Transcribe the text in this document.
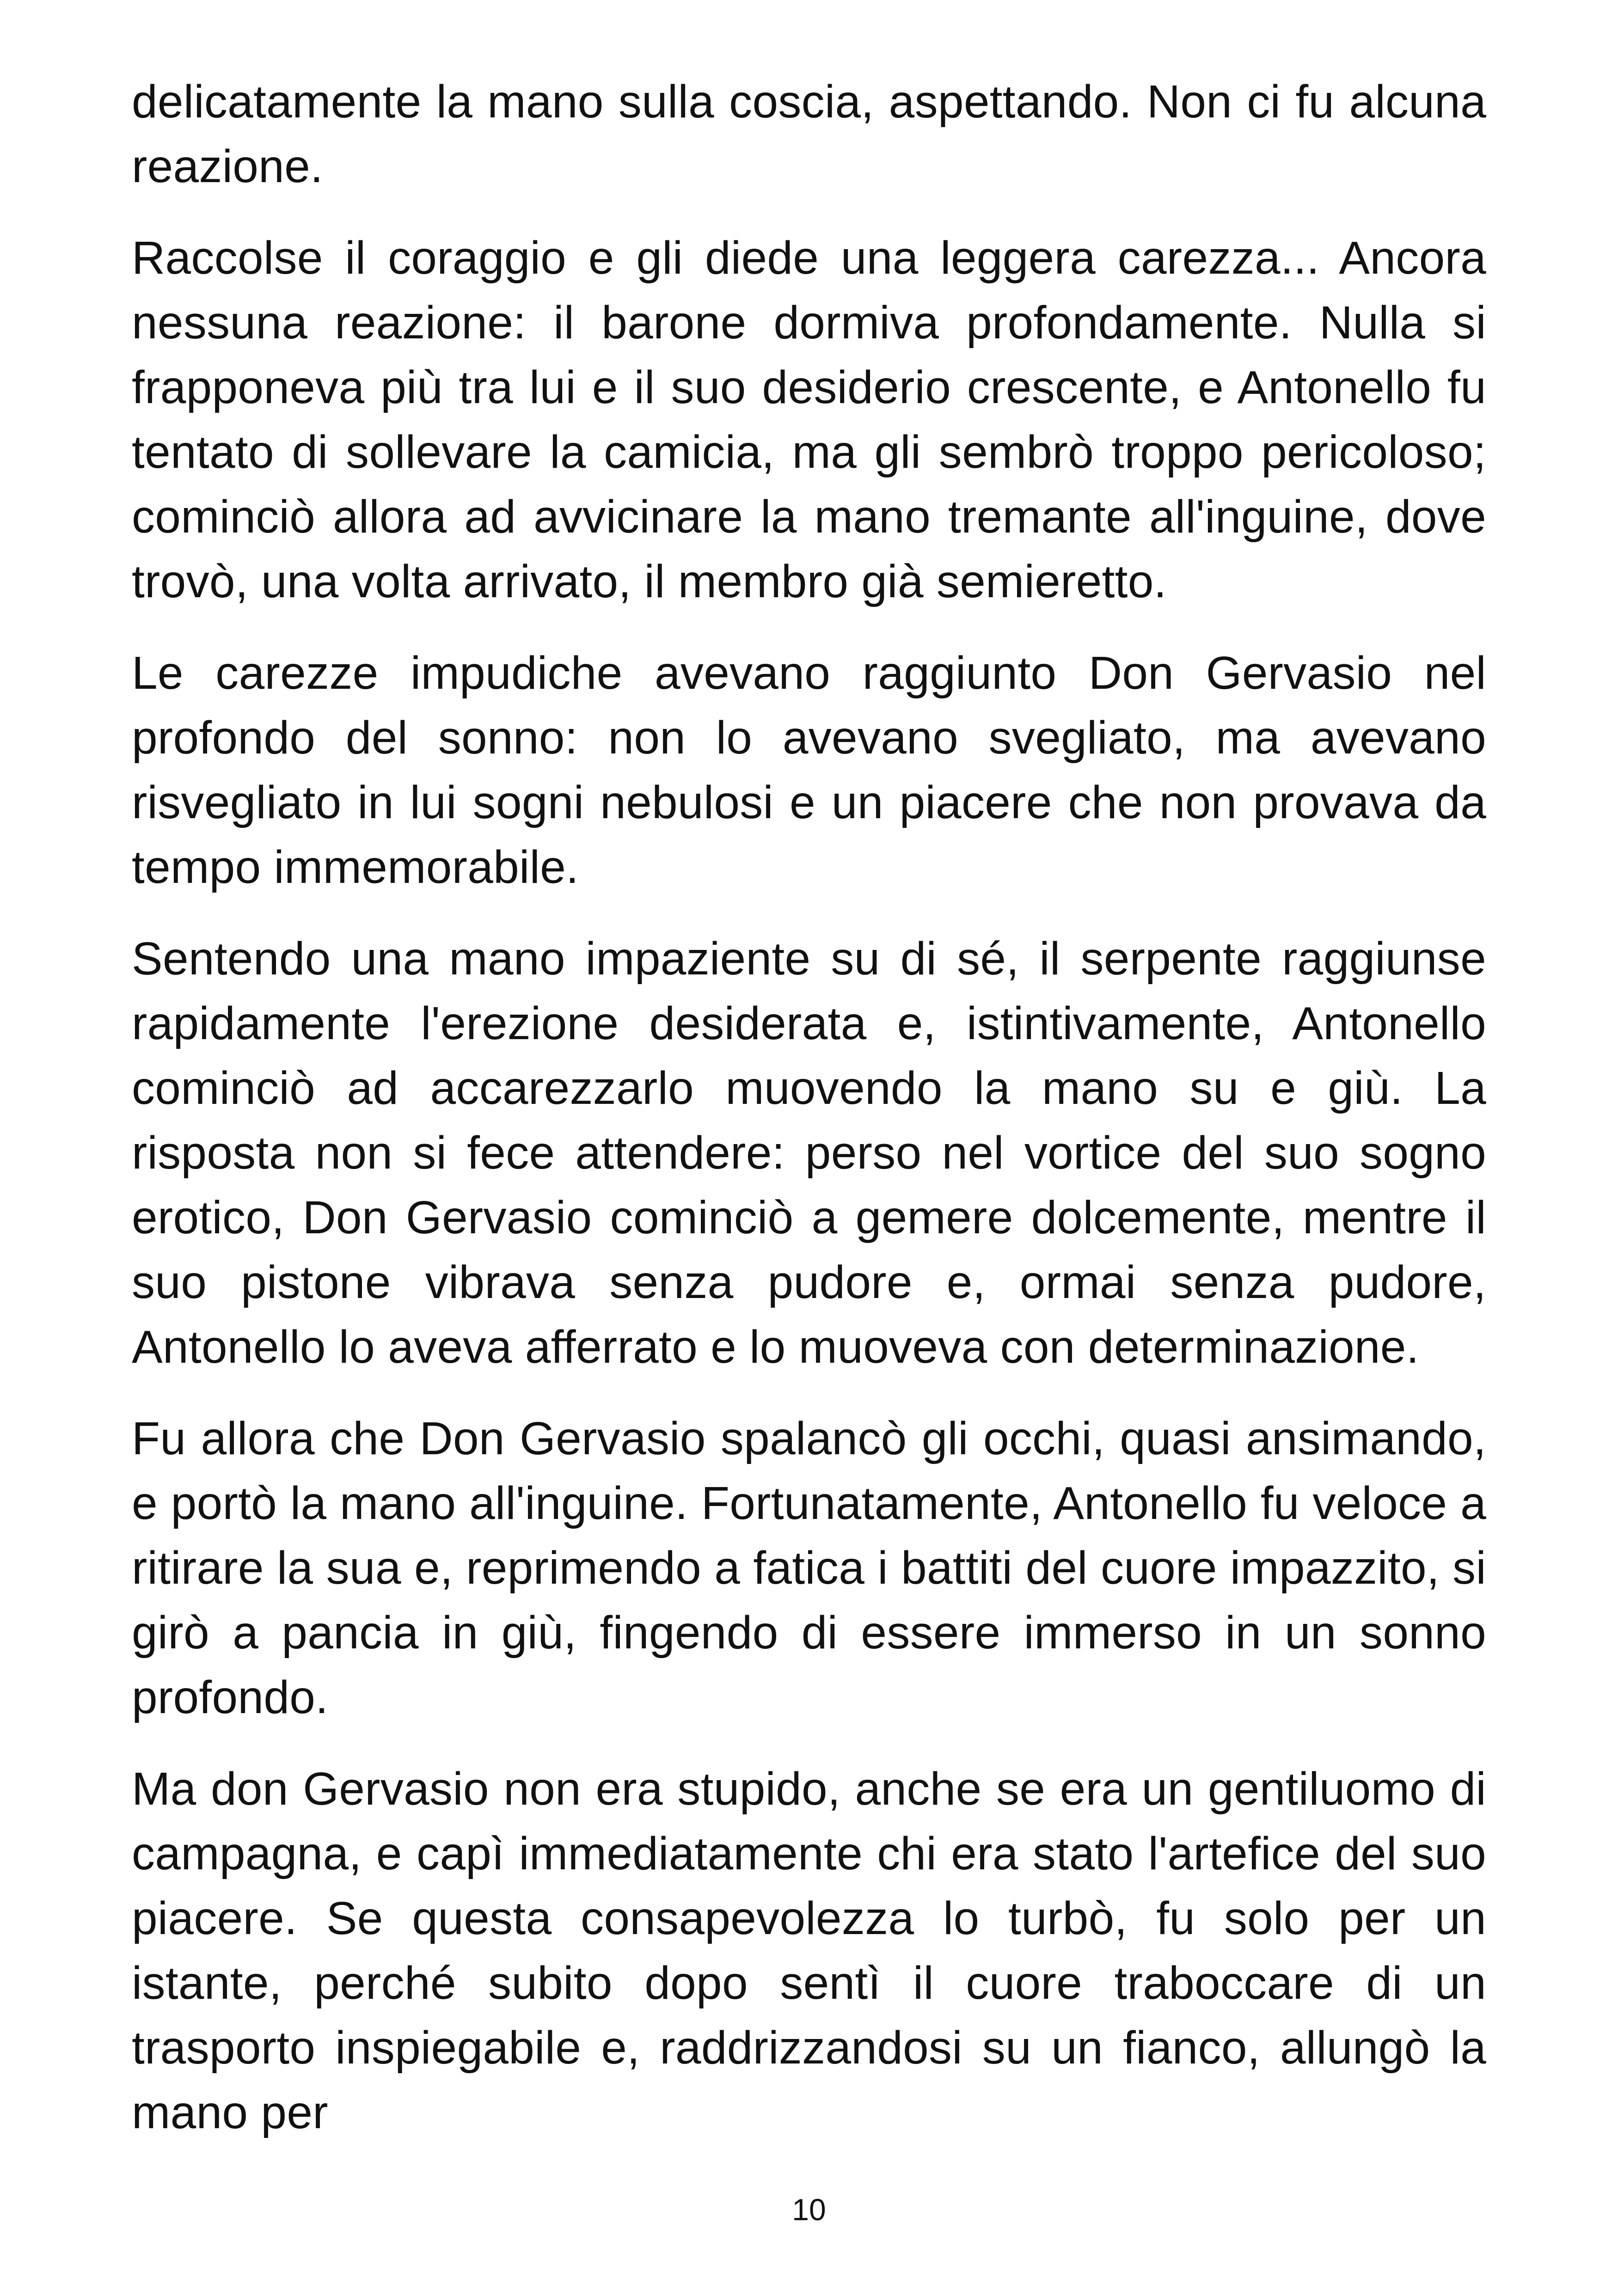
delicatamente la mano sulla coscia, aspettando. Non ci fu alcuna reazione.

Raccolse il coraggio e gli diede una leggera carezza... Ancora nessuna reazione: il barone dormiva profondamente. Nulla si frapponeva più tra lui e il suo desiderio crescente, e Antonello fu tentato di sollevare la camicia, ma gli sembrò troppo pericoloso; cominciò allora ad avvicinare la mano tremante all'inguine, dove trovò, una volta arrivato, il membro già semieretto.

Le carezze impudiche avevano raggiunto Don Gervasio nel profondo del sonno: non lo avevano svegliato, ma avevano risvegliato in lui sogni nebulosi e un piacere che non provava da tempo immemorabile.

Sentendo una mano impaziente su di sé, il serpente raggiunse rapidamente l'erezione desiderata e, istintivamente, Antonello cominciò ad accarezzarlo muovendo la mano su e giù. La risposta non si fece attendere: perso nel vortice del suo sogno erotico, Don Gervasio cominciò a gemere dolcemente, mentre il suo pistone vibrava senza pudore e, ormai senza pudore, Antonello lo aveva afferrato e lo muoveva con determinazione.

Fu allora che Don Gervasio spalancò gli occhi, quasi ansimando, e portò la mano all'inguine. Fortunatamente, Antonello fu veloce a ritirare la sua e, reprimendo a fatica i battiti del cuore impazzito, si girò a pancia in giù, fingendo di essere immerso in un sonno profondo.

Ma don Gervasio non era stupido, anche se era un gentiluomo di campagna, e capì immediatamente chi era stato l'artefice del suo piacere. Se questa consapevolezza lo turbò, fu solo per un istante, perché subito dopo sentì il cuore traboccare di un trasporto inspiegabile e, raddrizzandosi su un fianco, allungò la mano per

10
